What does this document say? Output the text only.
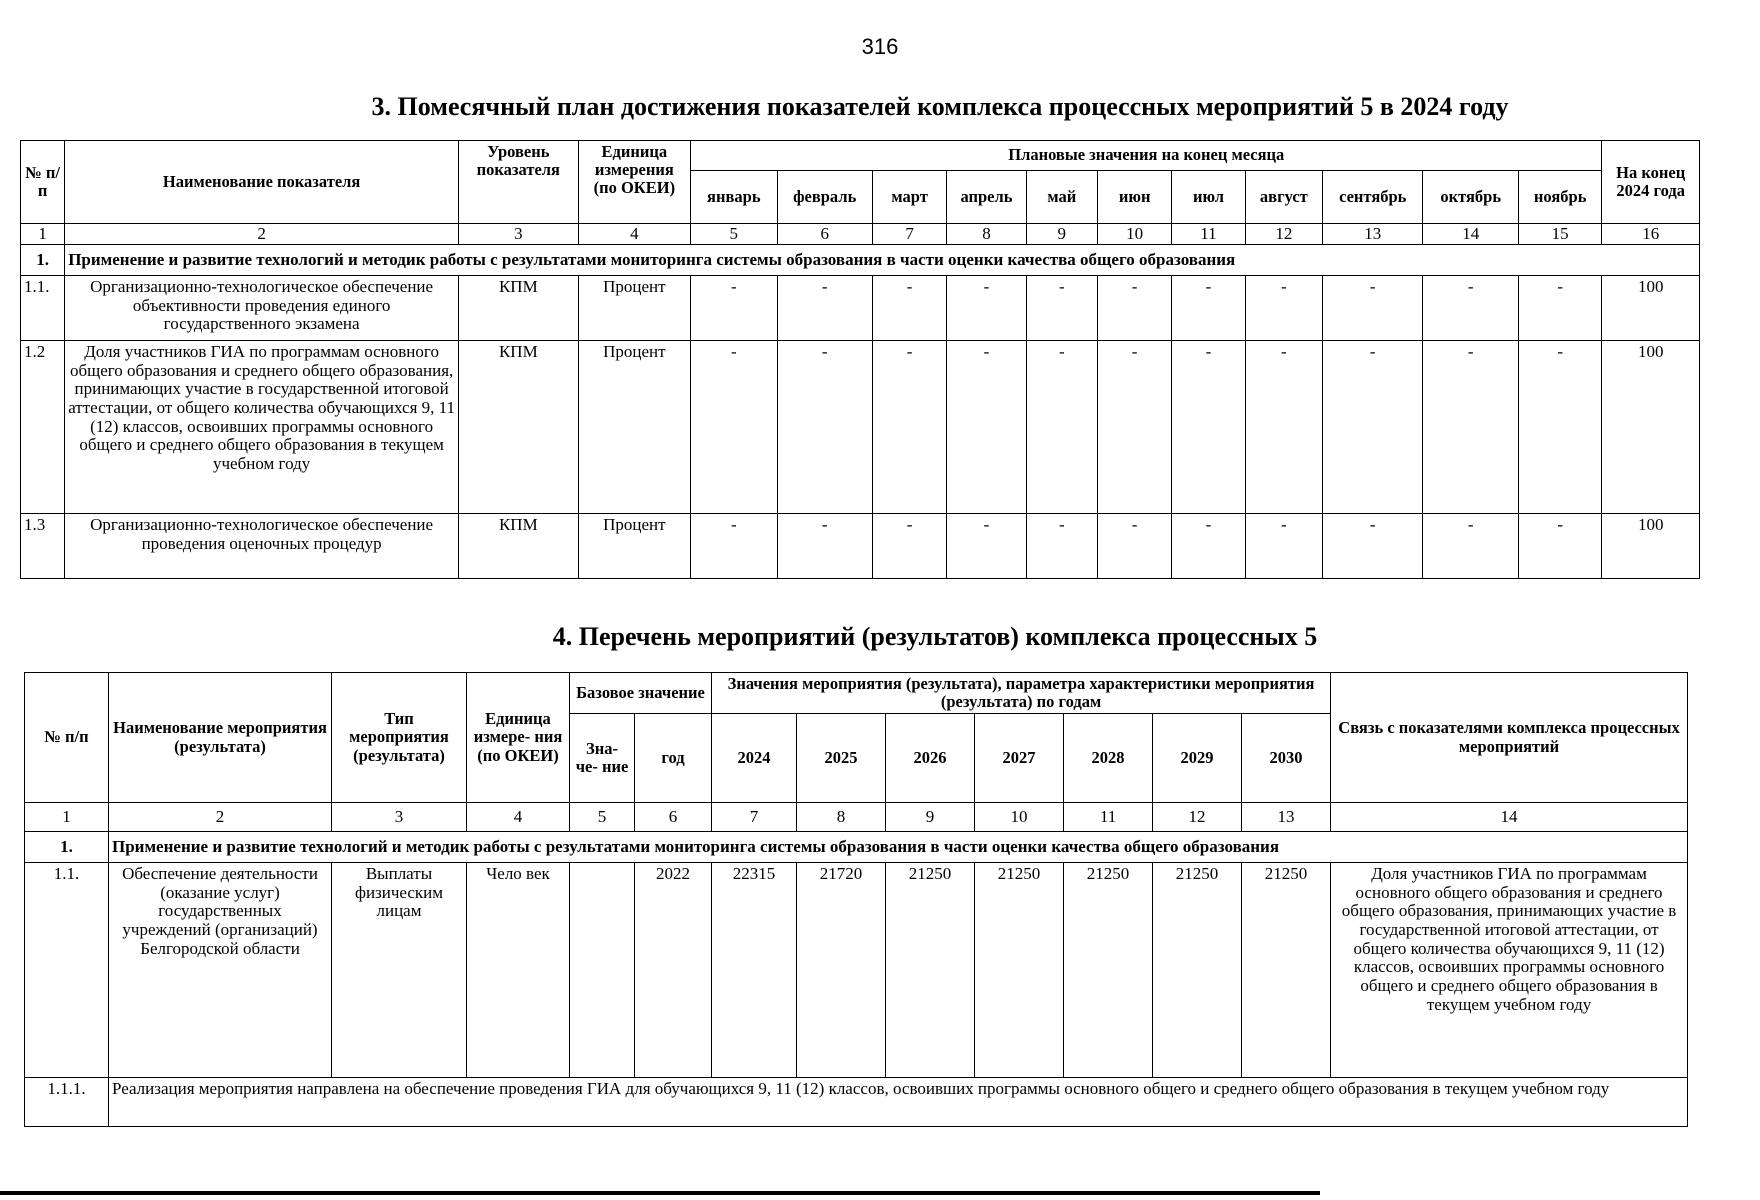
316
3. Помесячный план достижения показателей комплекса процессных мероприятий 5 в 2024 году
№ п/п	Наименование показателя	Уровень показателя	Единица измерения (по ОКЕИ)	Плановые значения на конец месяца											На конец 2024 года
				январь	февраль	март	апрель	май	июн	июл	август	сентябрь	октябрь	ноябрь	
1	2	3	4	5	6	7	8	9	10	11	12	13	14	15	16
1.	Применение и развитие технологий и методик работы с результатами мониторинга системы образования в части оценки качества общего образования														
1.1.	Организационно-технологическое обеспечение объективности проведения единого государственного экзамена	КПМ	Процент	-	-	-	-	-	-	-	-	-	-	-	100
1.2	Доля участников ГИА по программам основного общего образования и среднего общего образования, принимающих участие в государственной итоговой аттестации, от общего количества обучающихся 9, 11 (12) классов, освоивших программы основного общего и среднего общего образования в текущем учебном году	КПМ	Процент	-	-	-	-	-	-	-	-	-	-	-	100
1.3	Организационно-технологическое обеспечение проведения оценочных процедур	КПМ	Процент	-	-	-	-	-	-	-	-	-	-	-	100
4. Перечень мероприятий (результатов) комплекса процессных 5
№ п/п	Наименование мероприятия (результата)	Тип мероприятия (результата)	Единица измере- ния (по ОКЕИ)	Базовое значение		Значения мероприятия (результата), параметра характеристики мероприятия (результата) по годам							Связь с показателями комплекса процессных мероприятий
				Зна- че- ние	год	2024	2025	2026	2027	2028	2029	2030	
1	2	3	4	5	6	7	8	9	10	11	12	13	14
1.	Применение и развитие технологий и методик работы с результатами мониторинга системы образования в части оценки качества общего образования												
1.1.	Обеспечение деятельности (оказание услуг) государственных учреждений (организаций) Белгородской области	Выплаты физическим лицам	Чело век		2022	22315	21720	21250	21250	21250	21250	21250	Доля участников ГИА по программам основного общего образования и среднего общего образования, принимающих участие в государственной итоговой аттестации, от общего количества обучающихся 9, 11 (12) классов, освоивших программы основного общего и среднего общего образования в текущем учебном году
1.1.1.	Реализация мероприятия направлена на обеспечение проведения ГИА для обучающихся 9, 11 (12) классов, освоивших программы основного общего и среднего общего образования в текущем учебном году												
